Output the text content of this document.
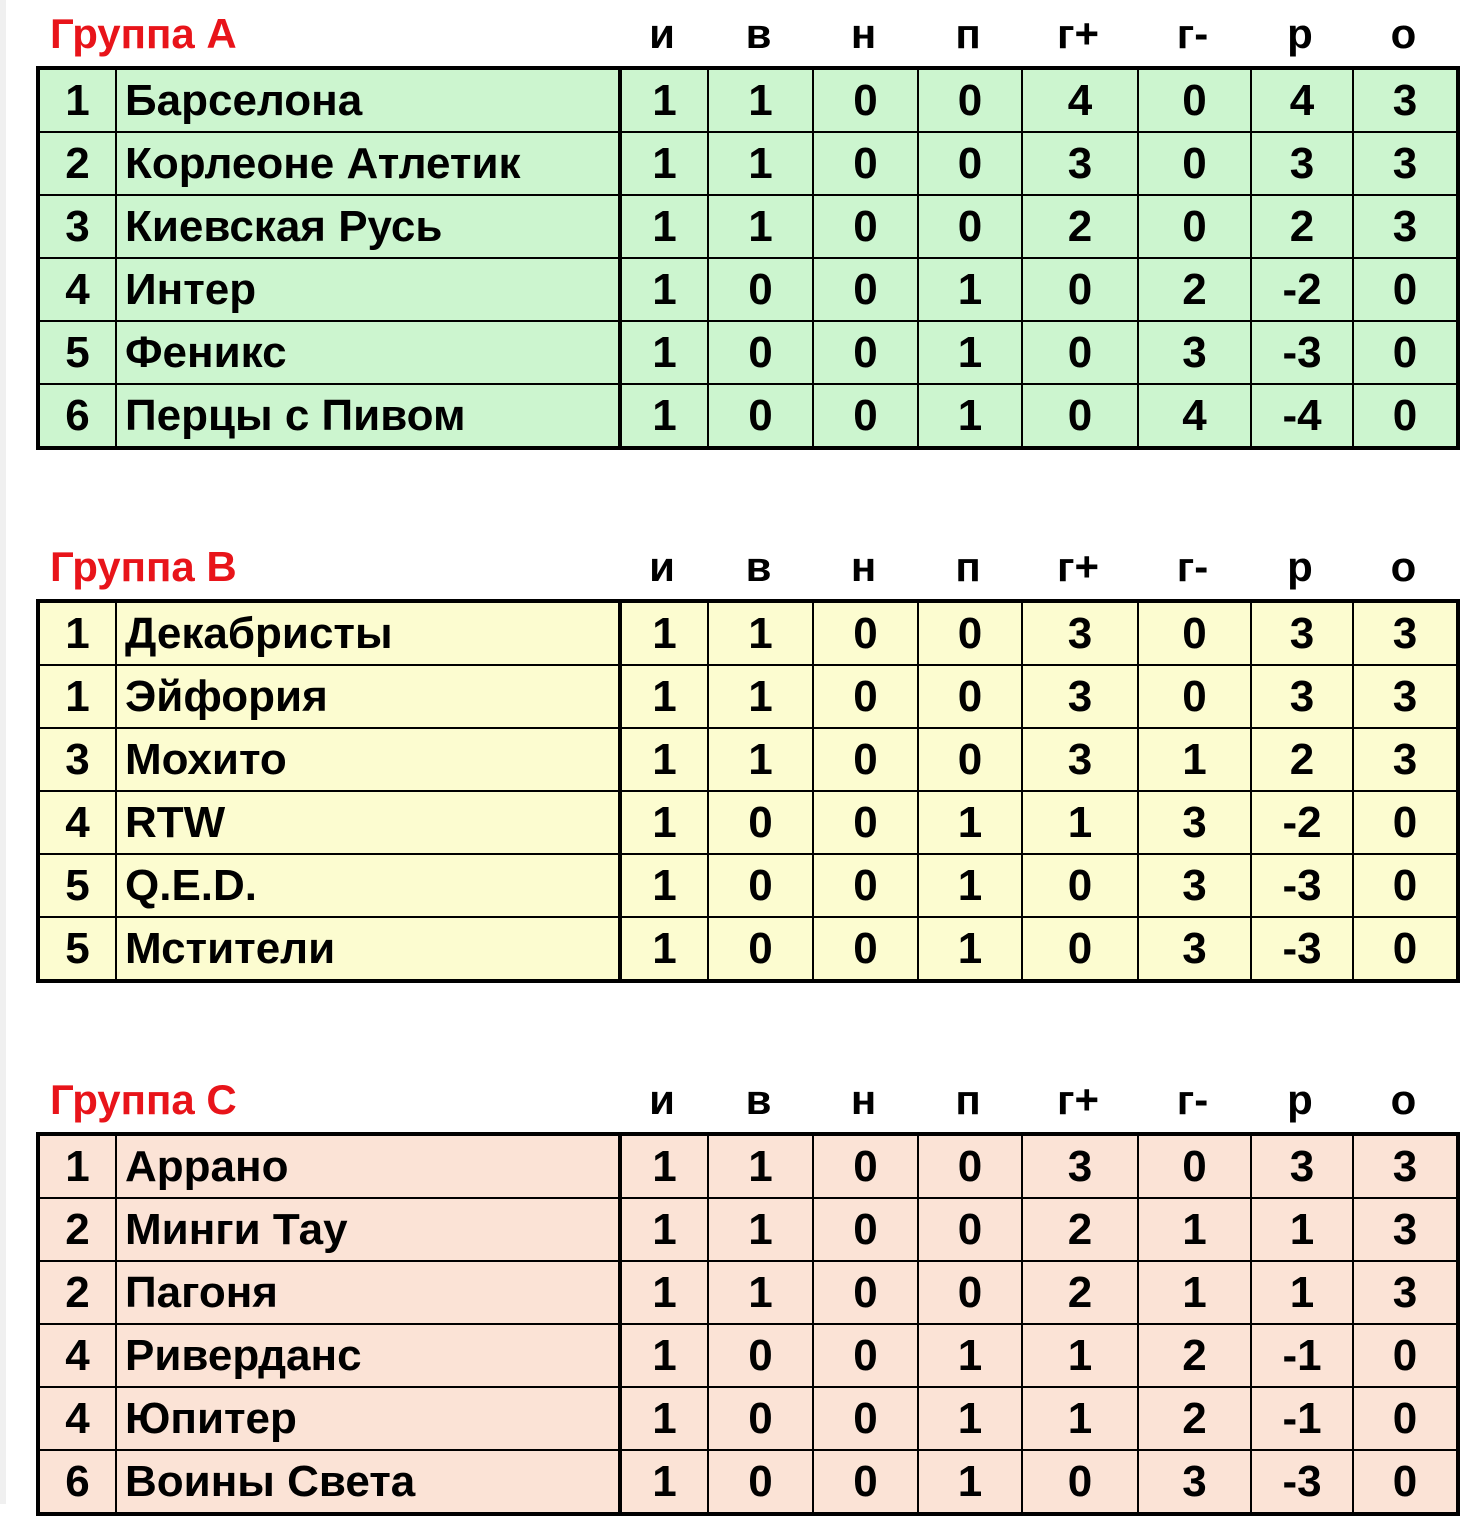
Группа А	и	в	н	п	г+	г-	р	о
1	Барселона	1	1	0	0	4	0	4	3
2	Корлеоне Атлетик	1	1	0	0	3	0	3	3
3	Киевская Русь	1	1	0	0	2	0	2	3
4	Интер	1	0	0	1	0	2	-2	0
5	Феникс	1	0	0	1	0	3	-3	0
6	Перцы с Пивом	1	0	0	1	0	4	-4	0
Группа В	и	в	н	п	г+	г-	р	о
1	Декабристы	1	1	0	0	3	0	3	3
1	Эйфория	1	1	0	0	3	0	3	3
3	Мохито	1	1	0	0	3	1	2	3
4	RTW	1	0	0	1	1	3	-2	0
5	Q.E.D.	1	0	0	1	0	3	-3	0
5	Мстители	1	0	0	1	0	3	-3	0
Группа С	и	в	н	п	г+	г-	р	о
1	Аррано	1	1	0	0	3	0	3	3
2	Минги Тау	1	1	0	0	2	1	1	3
2	Пагоня	1	1	0	0	2	1	1	3
4	Риверданс	1	0	0	1	1	2	-1	0
4	Юпитер	1	0	0	1	1	2	-1	0
6	Воины Света	1	0	0	1	0	3	-3	0
